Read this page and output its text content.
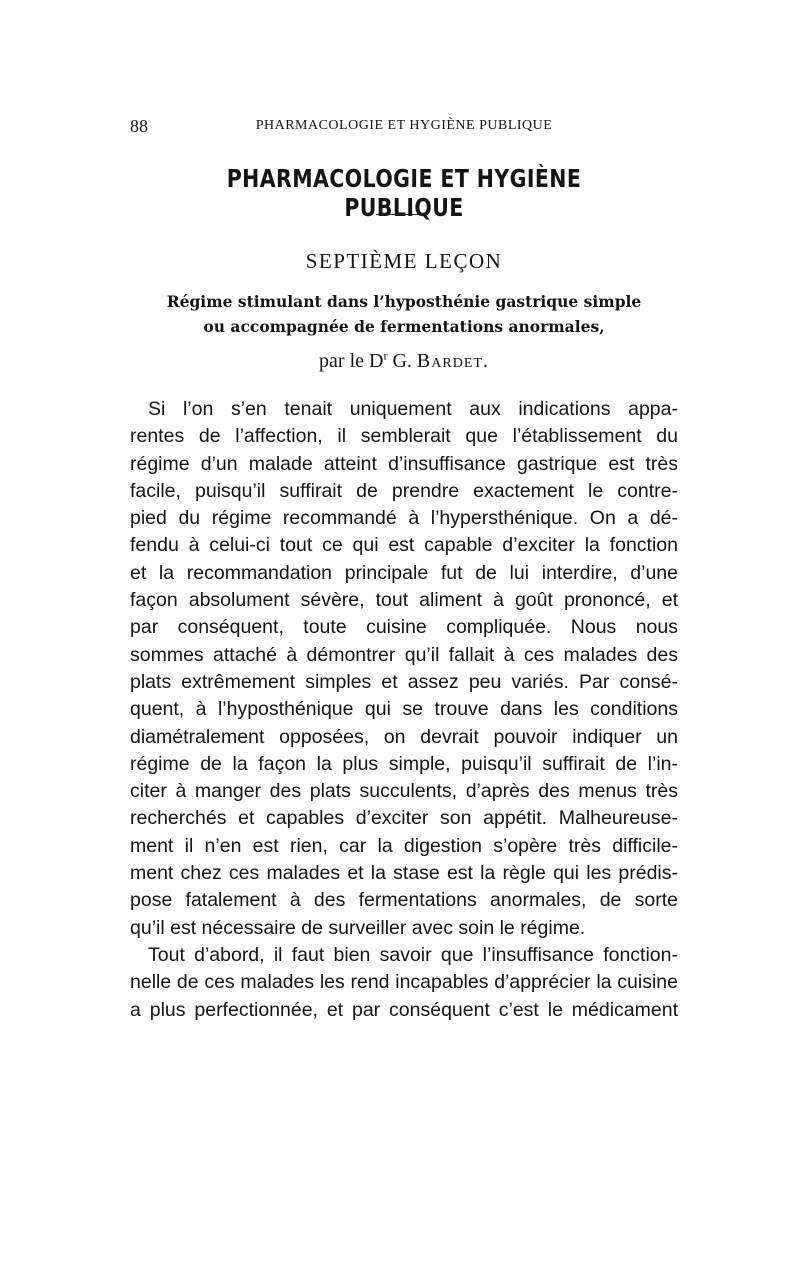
88	PHARMACOLOGIE ET HYGIÈNE PUBLIQUE
PHARMACOLOGIE ET HYGIÈNE PUBLIQUE
SEPTIÈME LEÇON
Régime stimulant dans l’hyposthénie gastrique simple
ou accompagnée de fermentations anormales,
par le $D^r$ G. Bardet.
Si l’on s’en tenait uniquement aux indications appa-
rentes de l’affection, il semblerait que l’établissement du
régime d’un malade atteint d’insuffisance gastrique est très
facile, puisqu’il suffirait de prendre exactement le contre-
pied du régime recommandé à l’hypersthénique. On a dé-
fendu à celui-ci tout ce qui est capable d’exciter la fonction
et la recommandation principale fut de lui interdire, d’une
façon absolument sévère, tout aliment à goût prononcé, et
par conséquent, toute cuisine compliquée. Nous nous
sommes attaché à démontrer qu’il fallait à ces malades des
plats extrêmement simples et assez peu variés. Par consé-
quent, à l’hyposthénique qui se trouve dans les conditions
diamétralement opposées, on devrait pouvoir indiquer un
régime de la façon la plus simple, puisqu’il suffirait de l’in-
citer à manger des plats succulents, d’après des menus très
recherchés et capables d’exciter son appétit. Malheureuse-
ment il n’en est rien, car la digestion s’opère très difficile-
ment chez ces malades et la stase est la règle qui les prédis-
pose fatalement à des fermentations anormales, de sorte
qu’il est nécessaire de surveiller avec soin le régime.
Tout d’abord, il faut bien savoir que l’insuffisance fonction-
nelle de ces malades les rend incapables d’apprécier la cuisine
a plus perfectionnée, et par conséquent c’est le médicament
